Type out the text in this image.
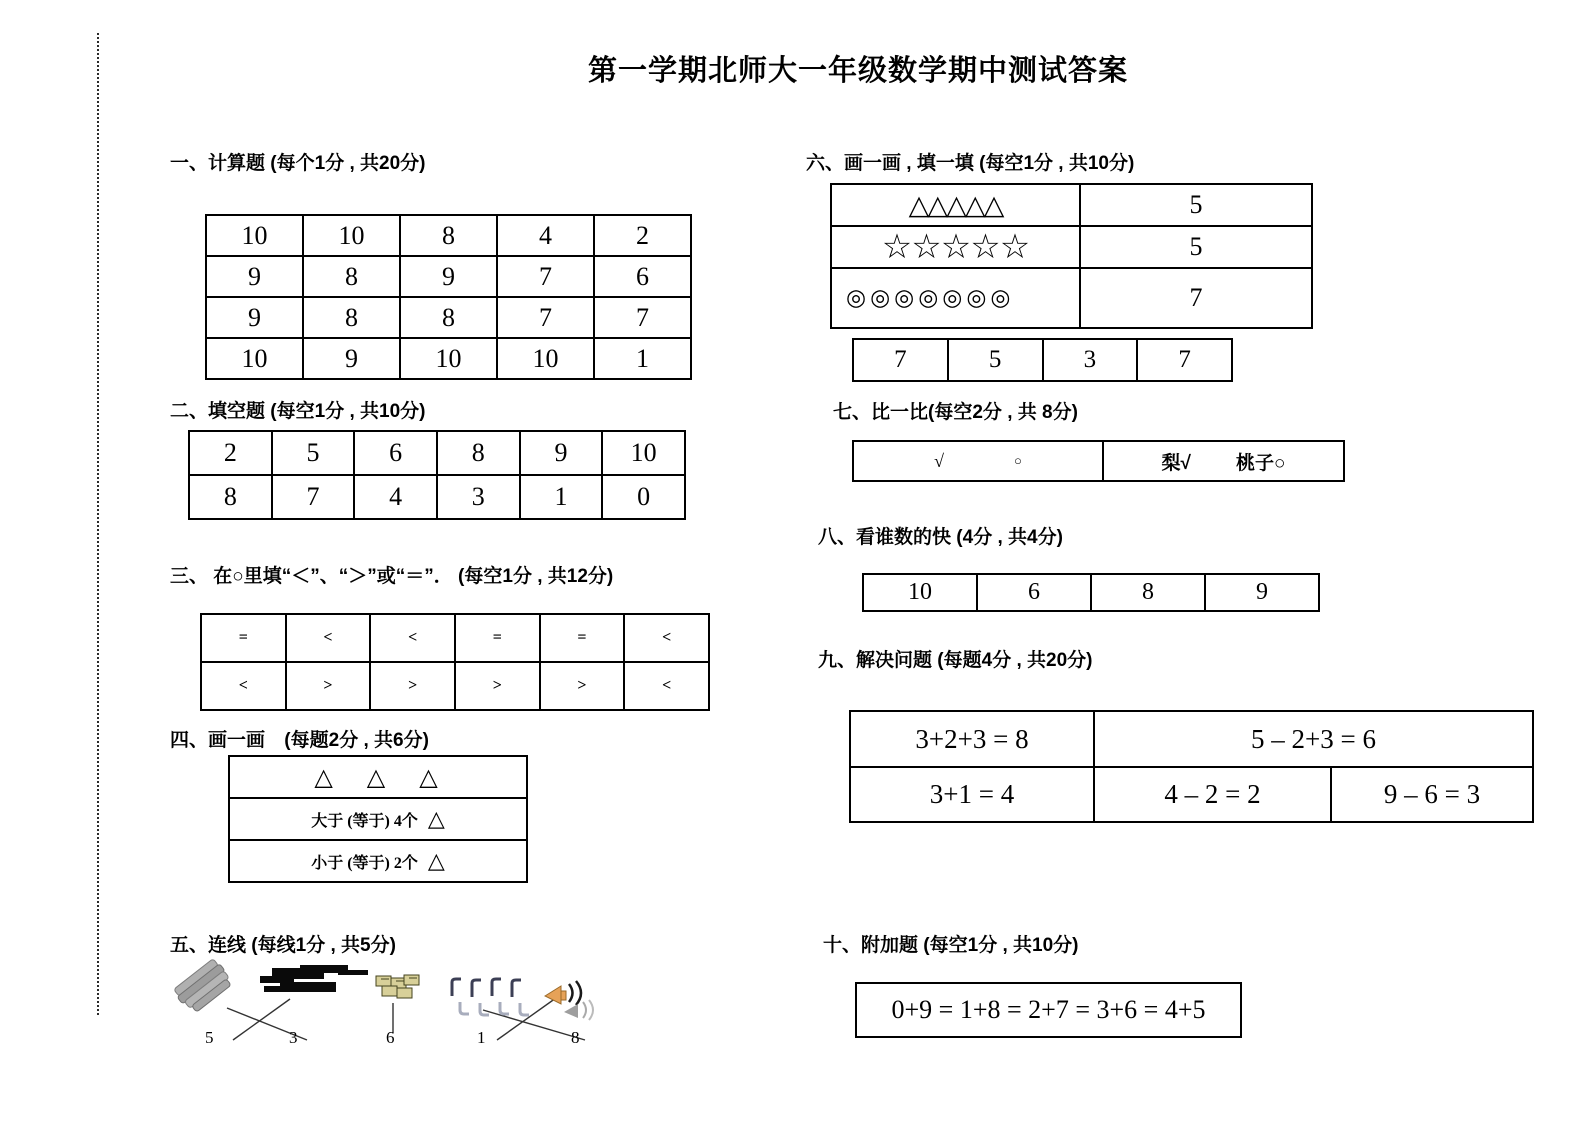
第一学期北师大一年级数学期中测试答案
一、计算题 (每个1分 , 共20分)
10	10	8	4	2
9	8	9	7	6
9	8	8	7	7
10	9	10	10	1
二、填空题 (每空1分 , 共10分)
2	5	6	8	9	10
8	7	4	3	1	0
三、 在○里填“＜”、“＞”或“＝”． (每空1分 , 共12分)
=	<	<	=	=	<
<	>	>	>	>	<
四、画一画 (每题2分 , 共6分)
△△△

大于 (等于) 4个 △

小于 (等于) 2个 △
五、连线 (每线1分 , 共5分)
5	3	6	1	8
六、画一画 , 填一填 (每空1分 , 共10分)
△△△△△	5
☆☆☆☆☆	5
◎◎◎◎◎◎◎	7
7	5	3	7
七、比一比(每空2分 , 共 8分)
√	○	梨√ 桃子○
八、看谁数的快 (4分 , 共4分)
10	6	8	9
九、解决问题 (每题4分 , 共20分)
3+2+3 = 8	5 – 2+3 = 6	
3+1 = 4	4 – 2 = 2	9 – 6 = 3
十、附加题 (每空1分 , 共10分)
0+9 = 1+8 = 2+7 = 3+6 = 4+5
